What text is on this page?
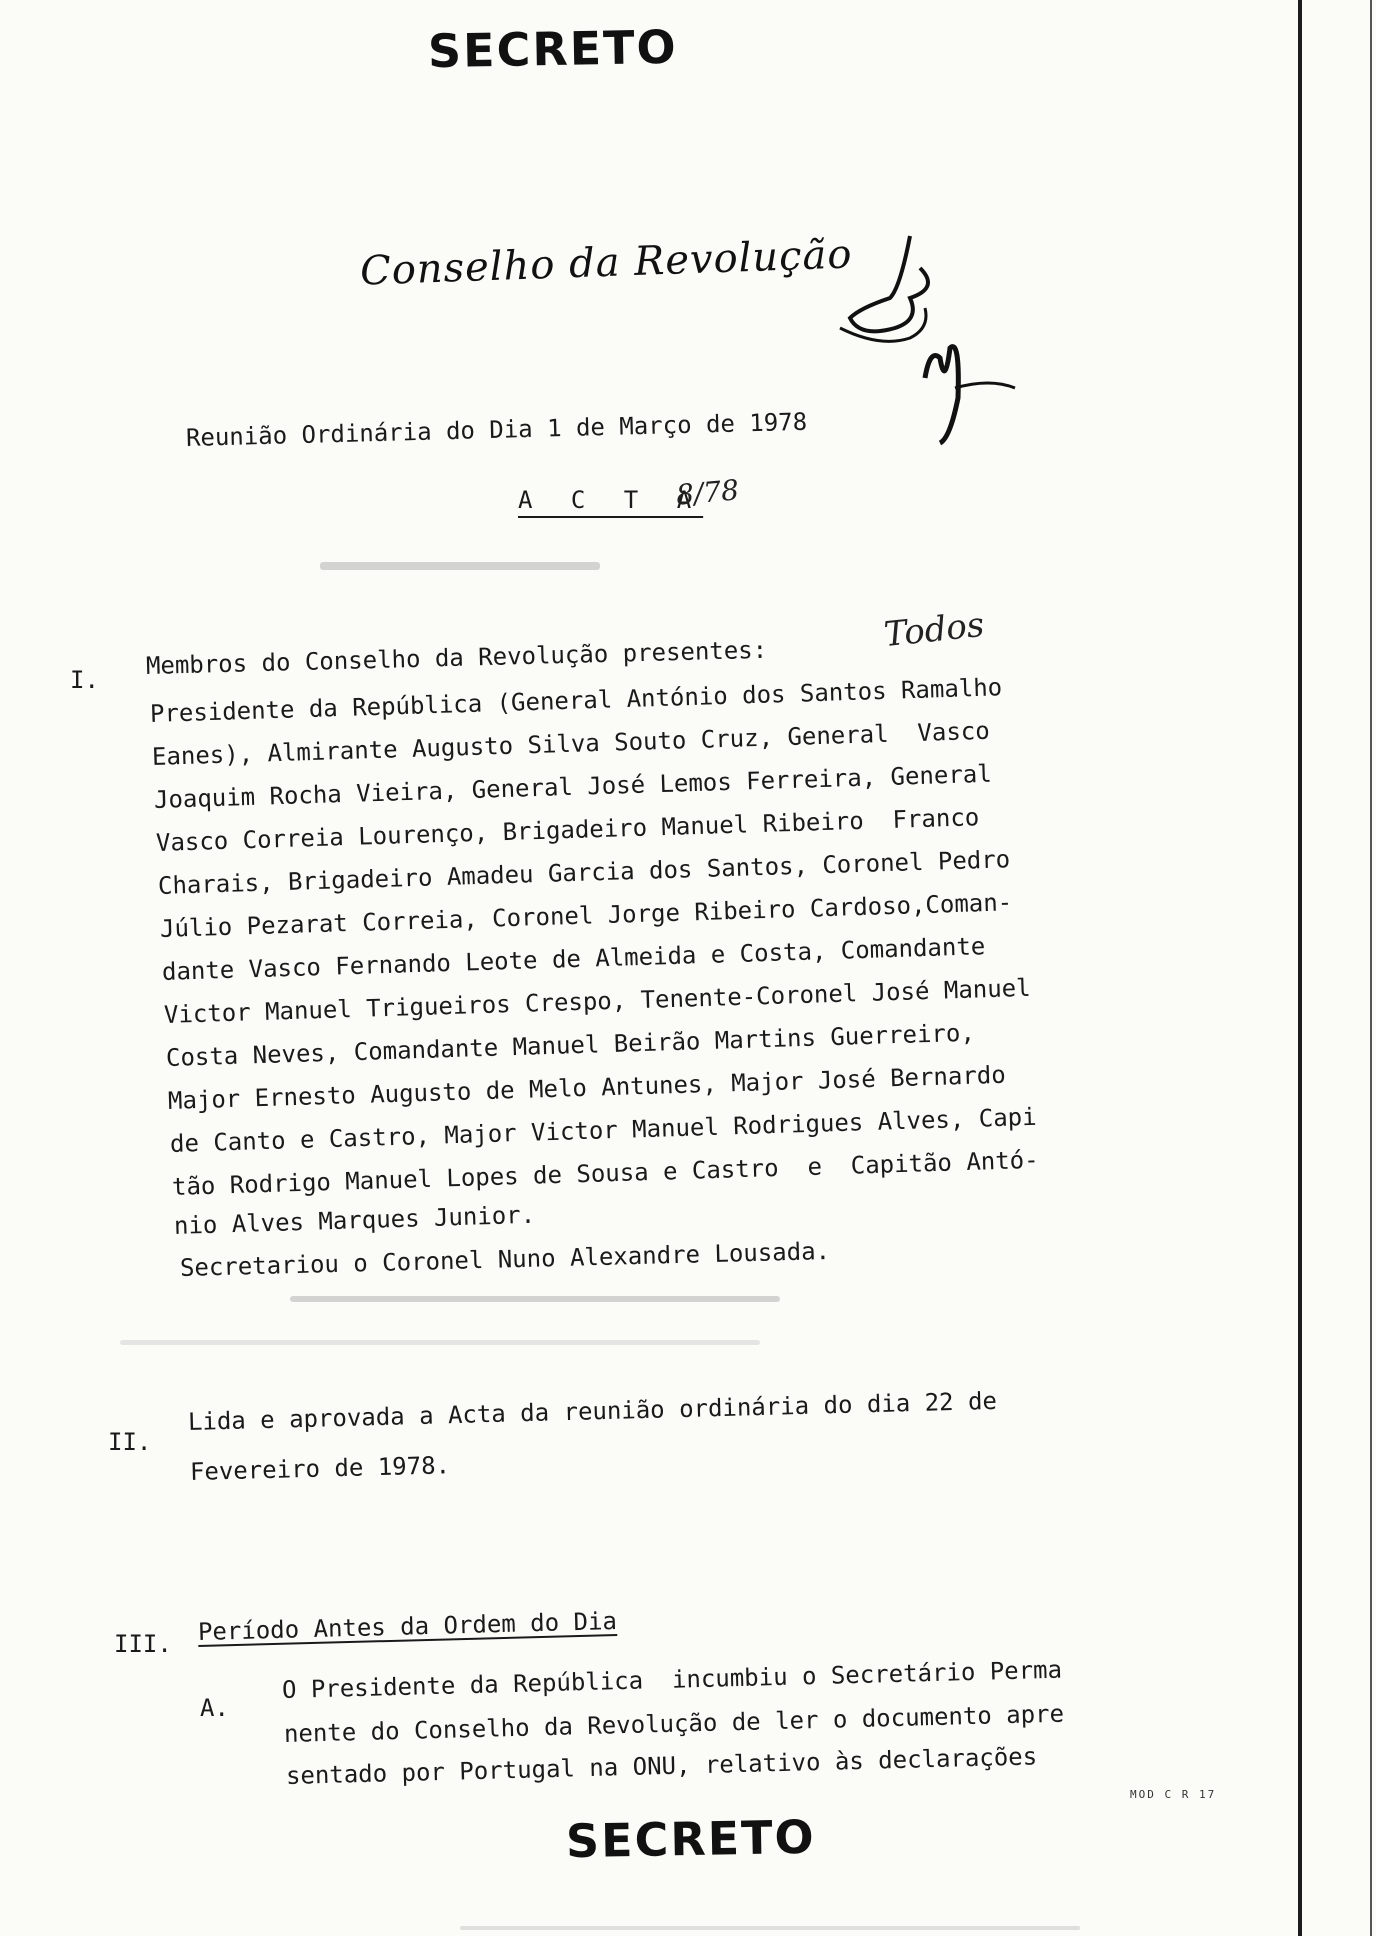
SECRETO
Conselho da Revolução
Reunião Ordinária do Dia 1 de Março de 1978
A C T A
8/78
I.
Membros do Conselho da Revolução presentes:
Todos
Presidente da República (General António dos Santos Ramalho
Eanes), Almirante Augusto Silva Souto Cruz, General  Vasco
Joaquim Rocha Vieira, General José Lemos Ferreira, General
Vasco Correia Lourenço, Brigadeiro Manuel Ribeiro  Franco
Charais, Brigadeiro Amadeu Garcia dos Santos, Coronel Pedro
Júlio Pezarat Correia, Coronel Jorge Ribeiro Cardoso,Coman-
dante Vasco Fernando Leote de Almeida e Costa, Comandante
Victor Manuel Trigueiros Crespo, Tenente-Coronel José Manuel
Costa Neves, Comandante Manuel Beirão Martins Guerreiro,
Major Ernesto Augusto de Melo Antunes, Major José Bernardo
de Canto e Castro, Major Victor Manuel Rodrigues Alves, Capi
tão Rodrigo Manuel Lopes de Sousa e Castro  e  Capitão Antó-
nio Alves Marques Junior.
Secretariou o Coronel Nuno Alexandre Lousada.
II.
Lida e aprovada a Acta da reunião ordinária do dia 22 de
Fevereiro de 1978.
III. Período Antes da Ordem do Dia
A.
O Presidente da República  incumbiu o Secretário Perma
nente do Conselho da Revolução de ler o documento apre
sentado por Portugal na ONU, relativo às declarações
MOD C R 17
SECRETO
